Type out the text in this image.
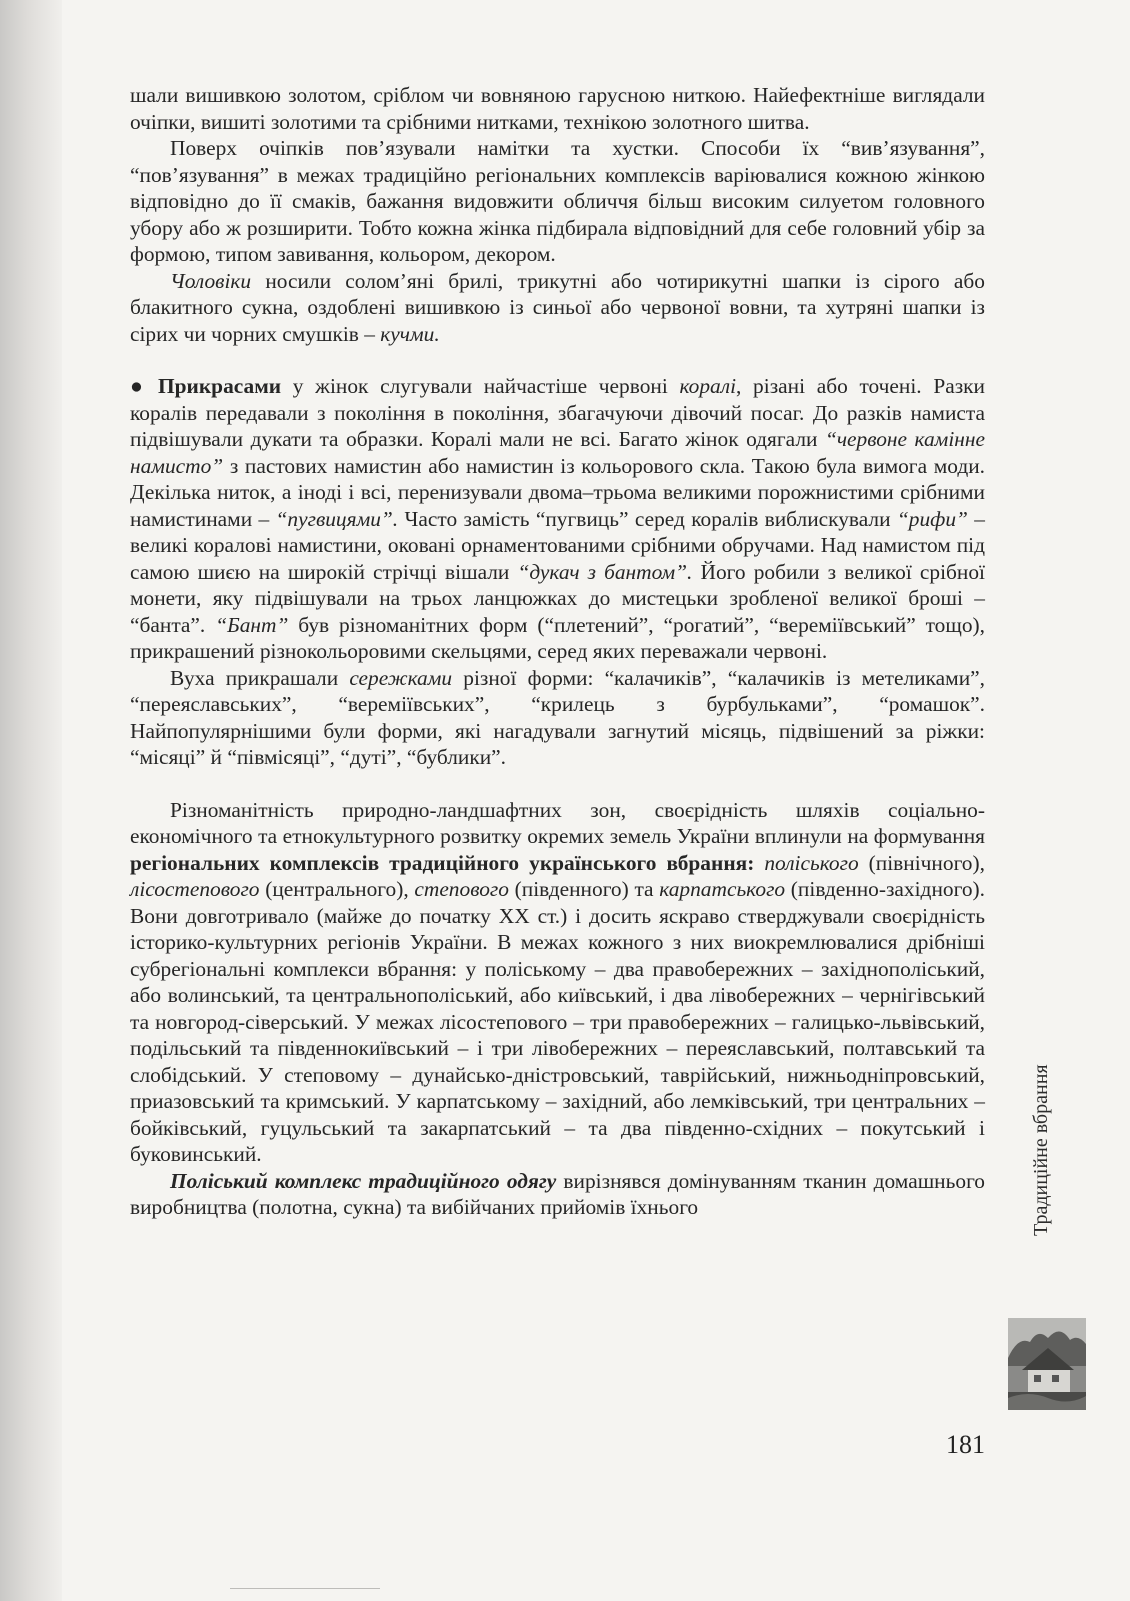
шали вишивкою золотом, сріблом чи вовняною гарусною ниткою. Найефектніше виглядали очіпки, вишиті золотими та срібними нитками, технікою золотного шитва.

Поверх очіпків пов’язували намітки та хустки. Способи їх “вив’язування”, “пов’язування” в межах традиційно регіональних комплексів варіювалися кожною жінкою відповідно до її смаків, бажання видовжити обличчя більш високим силуетом головного убору або ж розширити. Тобто кожна жінка підбирала відповідний для себе головний убір за формою, типом завивання, кольором, декором.

Чоловіки носили солом’яні брилі, трикутні або чотирикутні шапки із сірого або блакитного сукна, оздоблені вишивкою із синьої або червоної вовни, та хутряні шапки із сірих чи чорних смушків – кучми.

● Прикрасами у жінок слугували найчастіше червоні коралі, різані або точені. Разки коралів передавали з покоління в покоління, збагачуючи дівочий посаг. До разків намиста підвішували дукати та образки. Коралі мали не всі. Багато жінок одягали “червоне камінне намисто” з пастових намистин або намистин із кольорового скла. Такою була вимога моди. Декілька ниток, а іноді і всі, перенизували двома–трьома великими порожнистими срібними намистинами – “пугвицями”. Часто замість “пугвиць” серед коралів виблискували “рифи” – великі коралові намистини, оковані орнаментованими срібними обручами. Над намистом під самою шиєю на широкій стрічці вішали “дукач з бантом”. Його робили з великої срібної монети, яку підвішували на трьох ланцюжках до мистецьки зробленої великої броші – “банта”. “Бант” був різноманітних форм (“плетений”, “рогатий”, “вереміївський” тощо), прикрашений різнокольоровими скельцями, серед яких переважали червоні.

Вуха прикрашали сережками різної форми: “калачиків”, “калачиків із метеликами”, “переяславських”, “вереміївських”, “крилець з бурбульками”, “ромашок”. Найпопулярнішими були форми, які нагадували загнутий місяць, підвішений за ріжки: “місяці” й “півмісяці”, “дуті”, “бублики”.

Різноманітність природно-ландшафтних зон, своєрідність шляхів соціально-економічного та етнокультурного розвитку окремих земель України вплинули на формування регіональних комплексів традиційного українського вбрання: поліського (північного), лісостепового (центрального), степового (південного) та карпатського (південно-західного). Вони довготривало (майже до початку XX ст.) і досить яскраво стверджували своєрідність історико-культурних регіонів України. В межах кожного з них виокремлювалися дрібніші субрегіональні комплекси вбрання: у поліському – два правобережних – західнополіський, або волинський, та центральнополіський, або київський, і два лівобережних – чернігівський та новгород-сіверський. У межах лісостепового – три правобережних – галицько-львівський, подільський та південнокиївський – і три лівобережних – переяславський, полтавський та слобідський. У степовому – дунайсько-дністровський, таврійський, нижньодніпровський, приазовський та кримський. У карпатському – західний, або лемківський, три центральних – бойківський, гуцульський та закарпатський – та два південно-східних – покутський і буковинський.

Поліський комплекс традиційного одягу вирізнявся домінуванням тканин домашнього виробництва (полотна, сукна) та вибійчаних прийомів їхнього	Традиційне вбрання
181
